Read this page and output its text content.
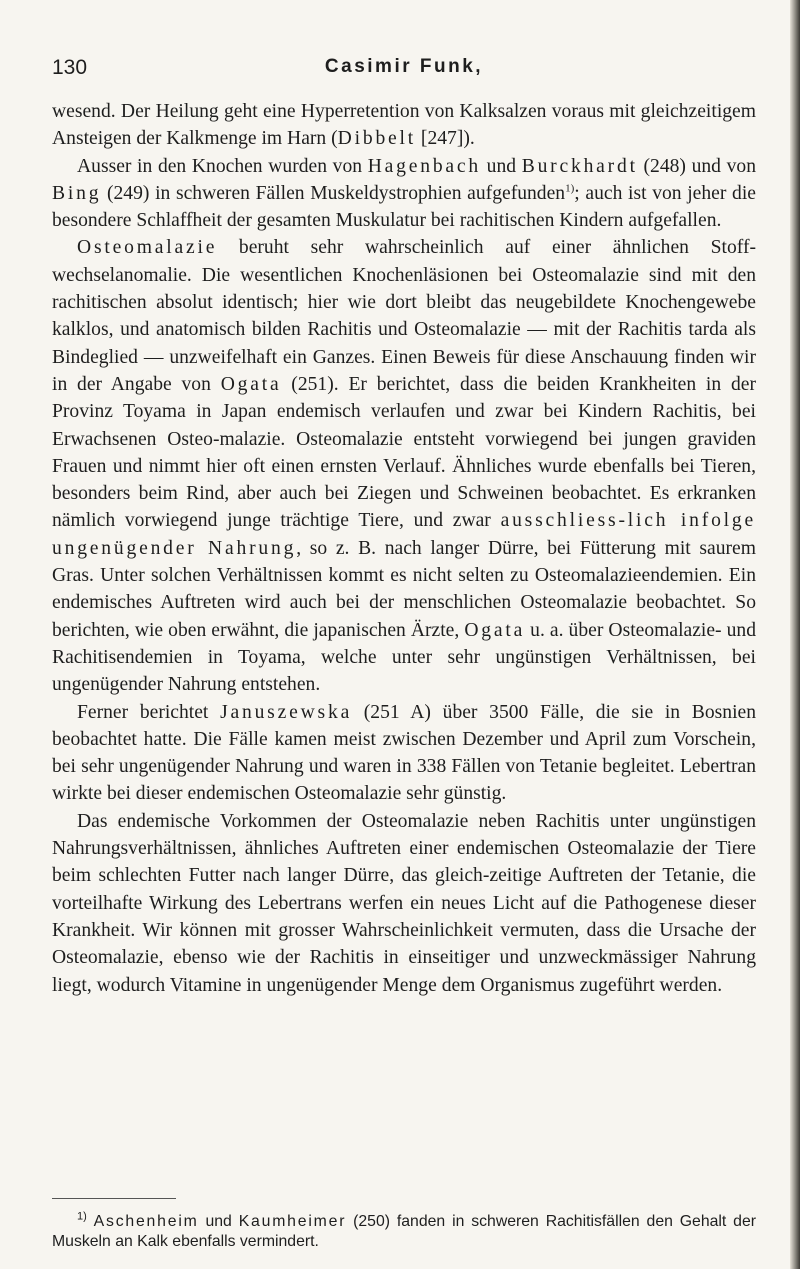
130	Casimir Funk,

wesend. Der Heilung geht eine Hyperretention von Kalksalzen voraus mit gleichzeitigem Ansteigen der Kalkmenge im Harn (Dibbelt [247]).

Ausser in den Knochen wurden von Hagenbach und Burckhardt (248) und von Bing (249) in schweren Fällen Muskeldystrophien aufgefunden$^{1)}$; auch ist von jeher die besondere Schlaffheit der gesamten Muskulatur bei rachitischen Kindern aufgefallen.

Osteomalazie beruht sehr wahrscheinlich auf einer ähnlichen Stoff-wechselanomalie. Die wesentlichen Knochenläsionen bei Osteomalazie sind mit den rachitischen absolut identisch; hier wie dort bleibt das neugebildete Knochengewebe kalklos, und anatomisch bilden Rachitis und Osteomalazie — mit der Rachitis tarda als Bindeglied — unzweifelhaft ein Ganzes. Einen Beweis für diese Anschauung finden wir in der Angabe von Ogata (251). Er berichtet, dass die beiden Krankheiten in der Provinz Toyama in Japan endemisch verlaufen und zwar bei Kindern Rachitis, bei Erwachsenen Osteo-malazie. Osteomalazie entsteht vorwiegend bei jungen graviden Frauen und nimmt hier oft einen ernsten Verlauf. Ähnliches wurde ebenfalls bei Tieren, besonders beim Rind, aber auch bei Ziegen und Schweinen beobachtet. Es erkranken nämlich vorwiegend junge trächtige Tiere, und zwar ausschliess-lich infolge ungenügender Nahrung, so z. B. nach langer Dürre, bei Fütterung mit saurem Gras. Unter solchen Verhältnissen kommt es nicht selten zu Osteomalazieendemien. Ein endemisches Auftreten wird auch bei der menschlichen Osteomalazie beobachtet. So berichten, wie oben erwähnt, die japanischen Ärzte, Ogata u. a. über Osteomalazie- und Rachitisendemien in Toyama, welche unter sehr ungünstigen Verhältnissen, bei ungenügender Nahrung entstehen.

Ferner berichtet Januszewska (251 A) über 3500 Fälle, die sie in Bosnien beobachtet hatte. Die Fälle kamen meist zwischen Dezember und April zum Vorschein, bei sehr ungenügender Nahrung und waren in 338 Fällen von Tetanie begleitet. Lebertran wirkte bei dieser endemischen Osteomalazie sehr günstig.

Das endemische Vorkommen der Osteomalazie neben Rachitis unter ungünstigen Nahrungsverhältnissen, ähnliches Auftreten einer endemischen Osteomalazie der Tiere beim schlechten Futter nach langer Dürre, das gleich-zeitige Auftreten der Tetanie, die vorteilhafte Wirkung des Lebertrans werfen ein neues Licht auf die Pathogenese dieser Krankheit. Wir können mit grosser Wahrscheinlichkeit vermuten, dass die Ursache der Osteomalazie, ebenso wie der Rachitis in einseitiger und unzweckmässiger Nahrung liegt, wodurch Vitamine in ungenügender Menge dem Organismus zugeführt werden.

$^{1)}$ Aschenheim und Kaumheimer (250) fanden in schweren Rachitisfällen den Gehalt der Muskeln an Kalk ebenfalls vermindert.
